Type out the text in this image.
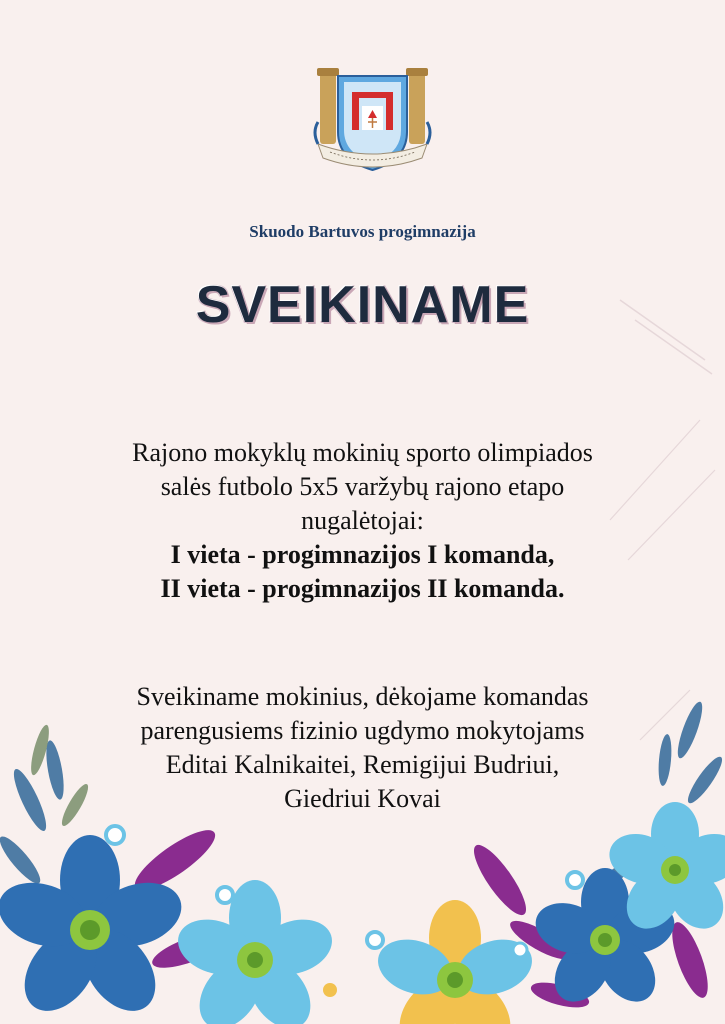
Skuodo Bartuvos progimnazija
SVEIKINAME
Rajono mokyklų mokinių sporto olimpiados
salės futbolo 5x5 varžybų rajono etapo
nugalėtojai:
I vieta - progimnazijos I komanda,
II vieta - progimnazijos II komanda.
Sveikiname mokinius, dėkojame komandas
parengusiems fizinio ugdymo mokytojams
Editai Kalnikaitei, Remigijui Budriui,
Giedriui Kovai
